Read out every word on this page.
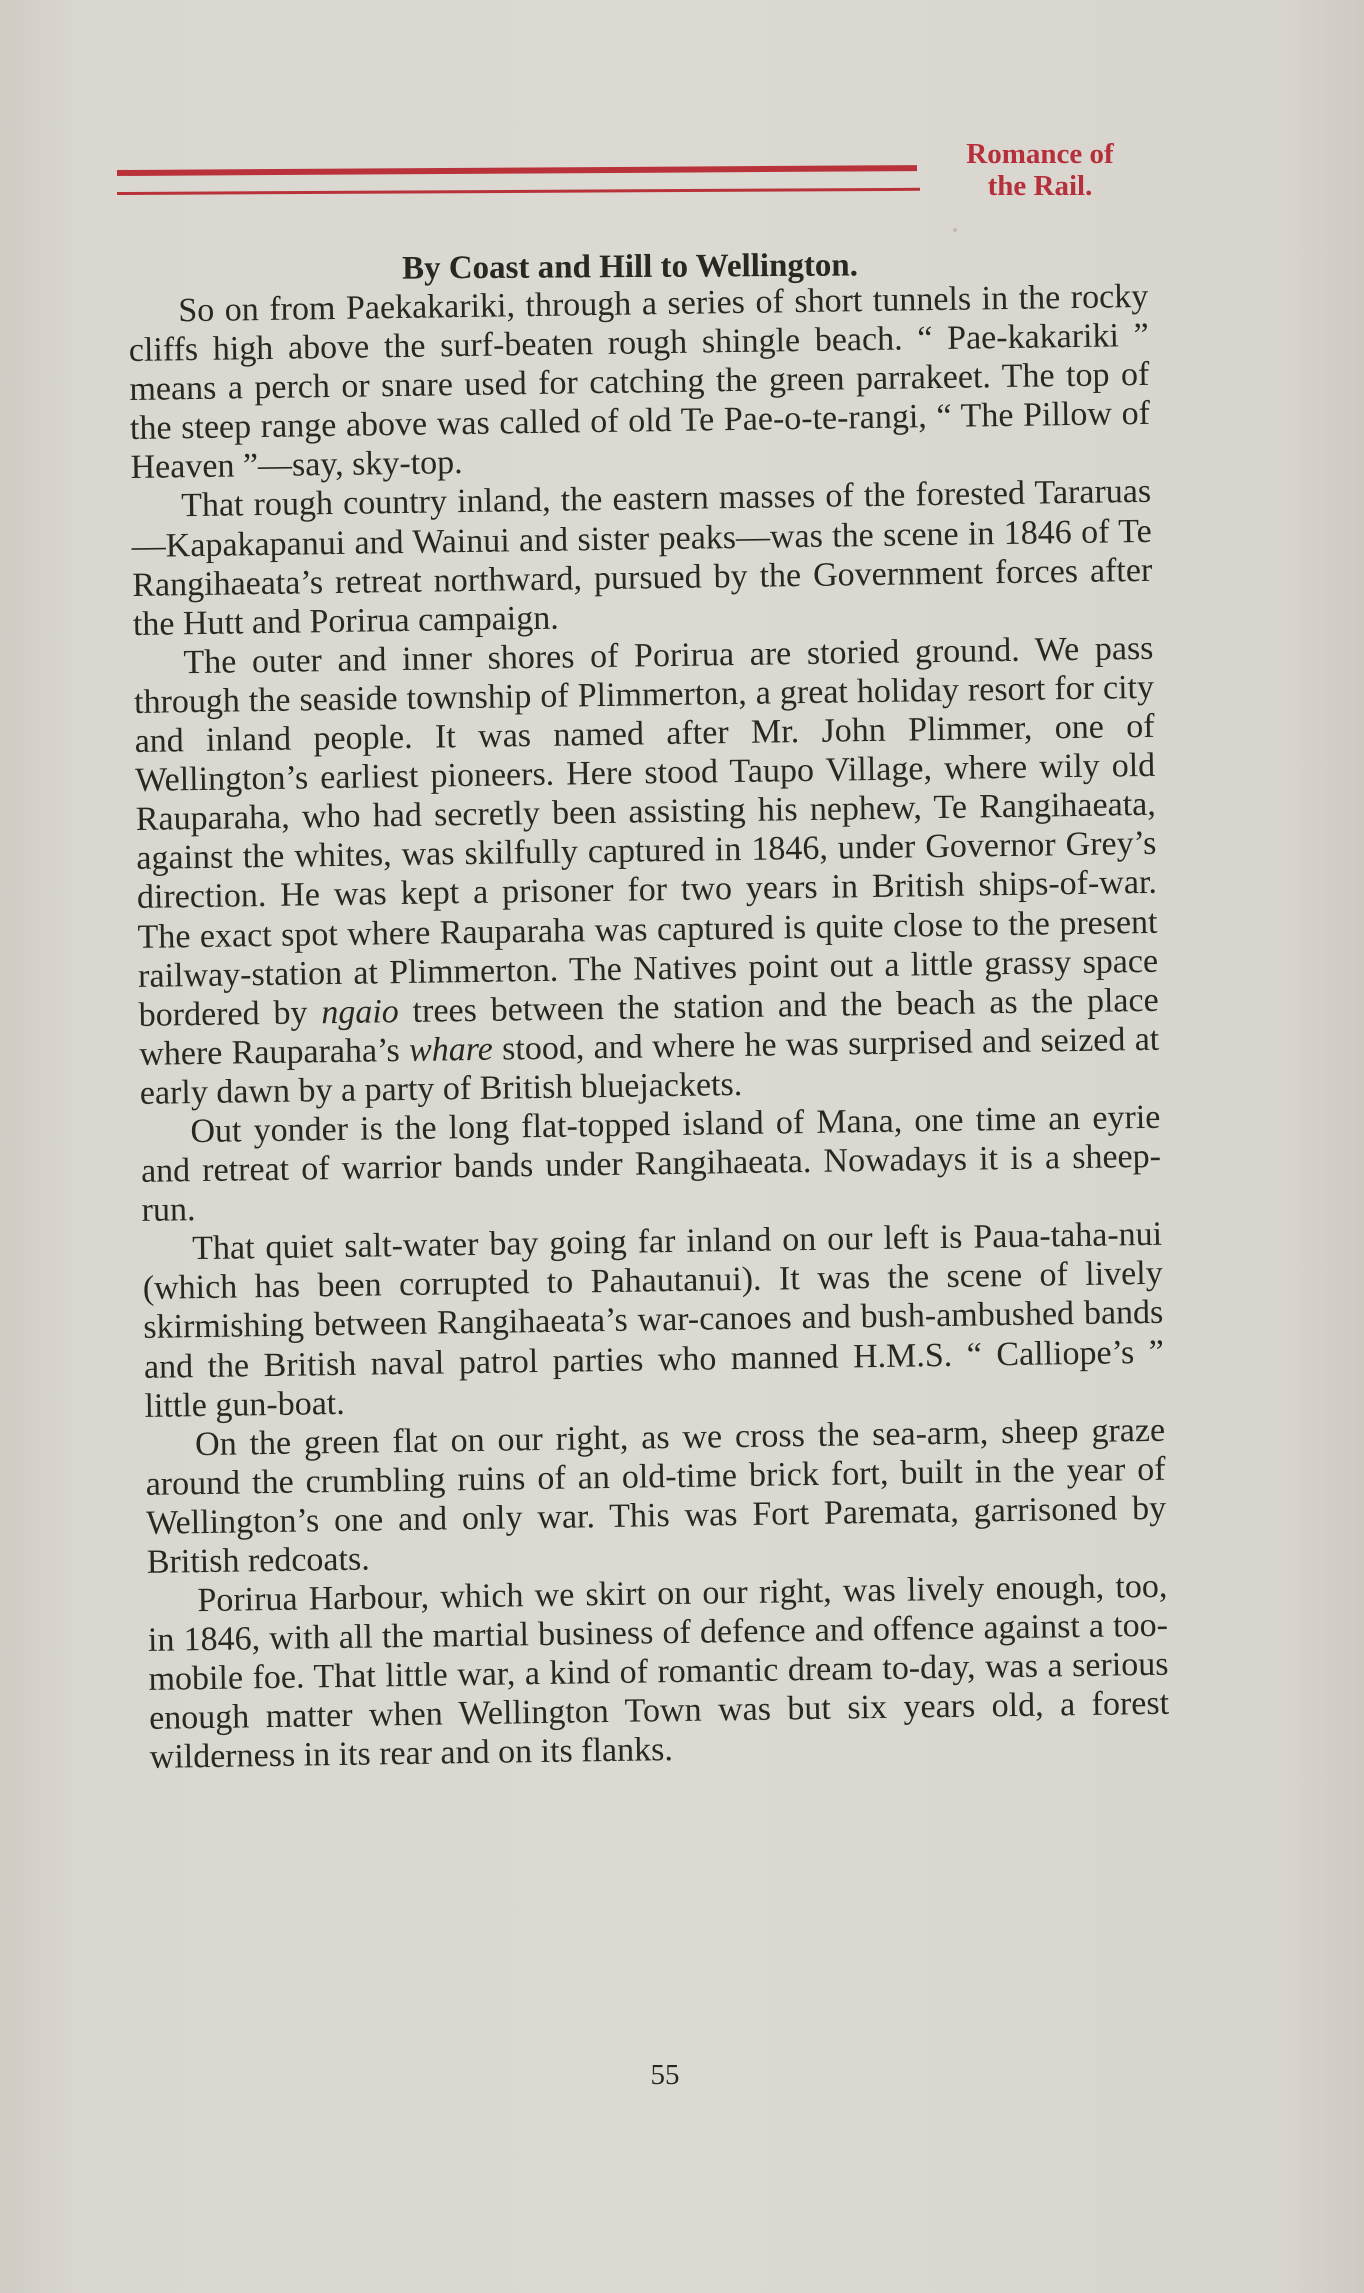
Romance of
the Rail.
By Coast and Hill to Wellington.

So on from Paekakariki, through a series of short tunnels in the rocky cliffs high above the surf-beaten rough shingle beach. “ Pae-kakariki ” means a perch or snare used for catching the green parrakeet. The top of the steep range above was called of old Te Pae-o-te-rangi, “ The Pillow of Heaven ”—say, sky-top.

That rough country inland, the eastern masses of the forested Tararuas—Kapakapanui and Wainui and sister peaks—was the scene in 1846 of Te Rangihaeata’s retreat northward, pursued by the Government forces after the Hutt and Porirua campaign.

The outer and inner shores of Porirua are storied ground. We pass through the seaside township of Plimmerton, a great holiday resort for city and inland people. It was named after Mr. John Plimmer, one of Wellington’s earliest pioneers. Here stood Taupo Village, where wily old Rauparaha, who had secretly been assisting his nephew, Te Rangihaeata, against the whites, was skilfully captured in 1846, under Governor Grey’s direction. He was kept a prisoner for two years in British ships-of-war. The exact spot where Rauparaha was captured is quite close to the present railway-station at Plimmerton. The Natives point out a little grassy space bordered by ngaio trees between the station and the beach as the place where Rauparaha’s whare stood, and where he was surprised and seized at early dawn by a party of British bluejackets.

Out yonder is the long flat-topped island of Mana, one time an eyrie and retreat of warrior bands under Rangihaeata. Nowadays it is a sheep-run.

That quiet salt-water bay going far inland on our left is Paua-taha-nui (which has been corrupted to Pahautanui). It was the scene of lively skirmishing between Rangihaeata’s war-canoes and bush-ambushed bands and the British naval patrol parties who manned H.M.S. “ Calliope’s ” little gun-boat.

On the green flat on our right, as we cross the sea-arm, sheep graze around the crumbling ruins of an old-time brick fort, built in the year of Wellington’s one and only war. This was Fort Paremata, garrisoned by British redcoats.

Porirua Harbour, which we skirt on our right, was lively enough, too, in 1846, with all the martial business of defence and offence against a too-mobile foe. That little war, a kind of romantic dream to-day, was a serious enough matter when Wellington Town was but six years old, a forest wilderness in its rear and on its flanks.

55
